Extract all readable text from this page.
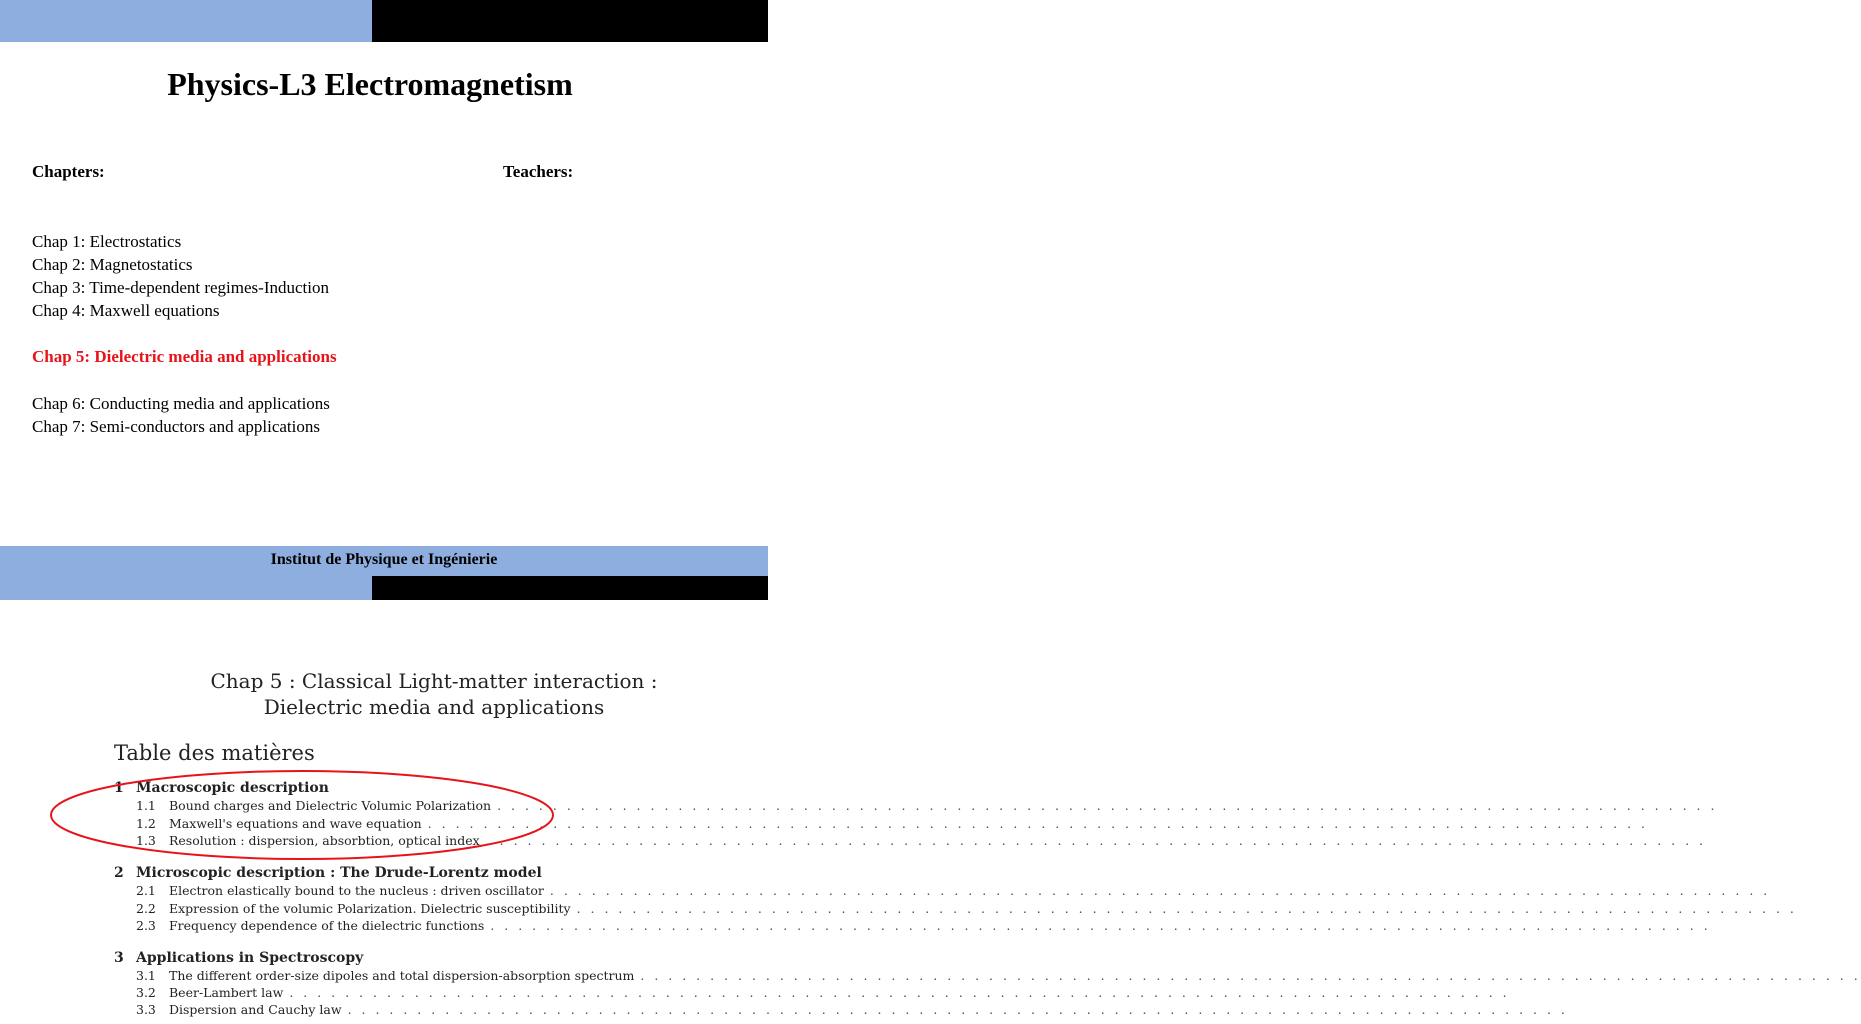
Physics-L3 Electromagnetism
Chapters:	Teachers:
Chap 1: Electrostatics
Chap 2: Magnetostatics
Chap 3: Time-dependent regimes-Induction
Chap 4: Maxwell equations
Chap 5: Dielectric media and applications
Chap 6: Conducting media and applications
Chap 7: Semi-conductors and applications
Institut de Physique et Ingénierie
Chap 5 : Classical Light-matter interaction :
Dielectric media and applications
Table des matières
1 Macroscopic description
1.1	Bound charges and Dielectric Volumic Polarization . . . . . . . . . . . . . . . . . . . . . . . . . . . . . . . . . . . . . . . . . . . . . . . . . . . . . . . . . . . . . . . . . . . . . . . . . . . . . . . . . . . . . . . .
1.2	Maxwell's equations and wave equation . . . . . . . . . . . . . . . . . . . . . . . . . . . . . . . . . . . . . . . . . . . . . . . . . . . . . . . . . . . . . . . . . . . . . . . . . . . . . . . . . . . . . . . .
1.3	Resolution : dispersion, absorbtion, optical index . . . . . . . . . . . . . . . . . . . . . . . . . . . . . . . . . . . . . . . . . . . . . . . . . . . . . . . . . . . . . . . . . . . . . . . . . . . . . . . . . . . . . . . .
2 Microscopic description : The Drude-Lorentz model
2.1	Electron elastically bound to the nucleus : driven oscillator . . . . . . . . . . . . . . . . . . . . . . . . . . . . . . . . . . . . . . . . . . . . . . . . . . . . . . . . . . . . . . . . . . . . . . . . . . . . . . . . . . . . . . . .
2.2	Expression of the volumic Polarization. Dielectric susceptibility . . . . . . . . . . . . . . . . . . . . . . . . . . . . . . . . . . . . . . . . . . . . . . . . . . . . . . . . . . . . . . . . . . . . . . . . . . . . . . . . . . . . . . . .
2.3	Frequency dependence of the dielectric functions . . . . . . . . . . . . . . . . . . . . . . . . . . . . . . . . . . . . . . . . . . . . . . . . . . . . . . . . . . . . . . . . . . . . . . . . . . . . . . . . . . . . . . . .
3 Applications in Spectroscopy
3.1	The different order-size dipoles and total dispersion-absorption spectrum . . . . . . . . . . . . . . . . . . . . . . . . . . . . . . . . . . . . . . . . . . . . . . . . . . . . . . . . . . . . . . . . . . . . . . . . . . . . . . . . . . . . . . . .
3.2	Beer-Lambert law . . . . . . . . . . . . . . . . . . . . . . . . . . . . . . . . . . . . . . . . . . . . . . . . . . . . . . . . . . . . . . . . . . . . . . . . . . . . . . . . . . . . . . . .
3.3	Dispersion and Cauchy law . . . . . . . . . . . . . . . . . . . . . . . . . . . . . . . . . . . . . . . . . . . . . . . . . . . . . . . . . . . . . . . . . . . . . . . . . . . . . . . . . . . . . . . .
